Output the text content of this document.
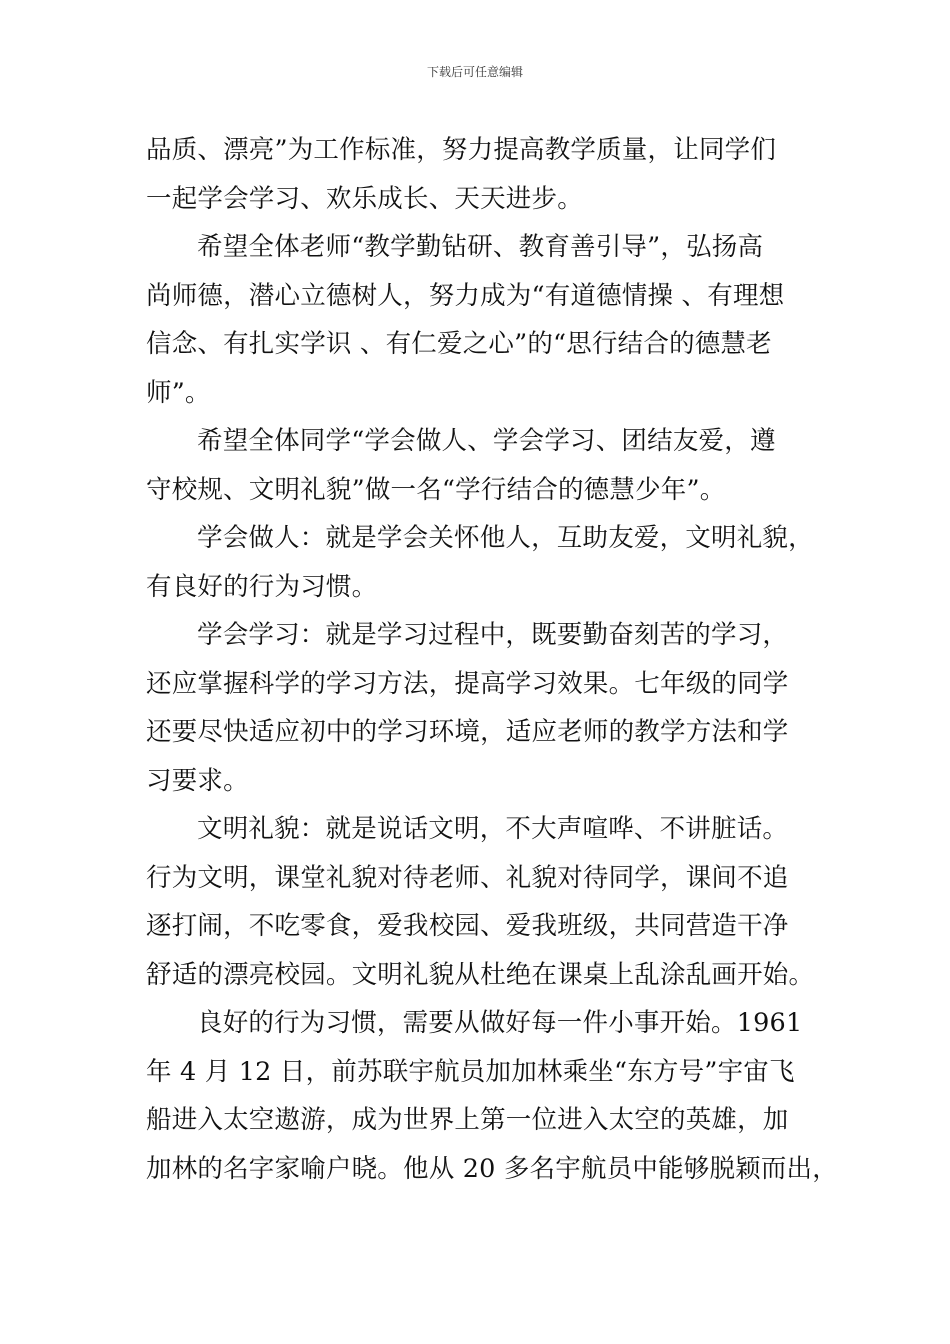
下载后可任意编辑
品质、漂亮”为工作标准，努力提高教学质量，让同学们
一起学会学习、欢乐成长、天天进步。
希望全体老师“教学勤钻研、教育善引导”，弘扬高
尚师德，潜心立德树人，努力成为“有道德情操 、有理想
信念、有扎实学识 、有仁爱之心”的“思行结合的德慧老
师”。
希望全体同学“学会做人、学会学习、团结友爱，遵
守校规、文明礼貌”做一名“学行结合的德慧少年”。
学会做人：就是学会关怀他人，互助友爱，文明礼貌，
有良好的行为习惯。
学会学习：就是学习过程中，既要勤奋刻苦的学习，
还应掌握科学的学习方法，提高学习效果。七年级的同学
还要尽快适应初中的学习环境，适应老师的教学方法和学
习要求。
文明礼貌：就是说话文明，不大声喧哗、不讲脏话。
行为文明，课堂礼貌对待老师、礼貌对待同学，课间不追
逐打闹，不吃零食，爱我校园、爱我班级，共同营造干净
舒适的漂亮校园。文明礼貌从杜绝在课桌上乱涂乱画开始。
良好的行为习惯，需要从做好每一件小事开始。1961
年 4 月 12 日，前苏联宇航员加加林乘坐“东方号”宇宙飞
船进入太空遨游，成为世界上第一位进入太空的英雄，加
加林的名字家喻户晓。他从 20 多名宇航员中能够脱颖而出，
